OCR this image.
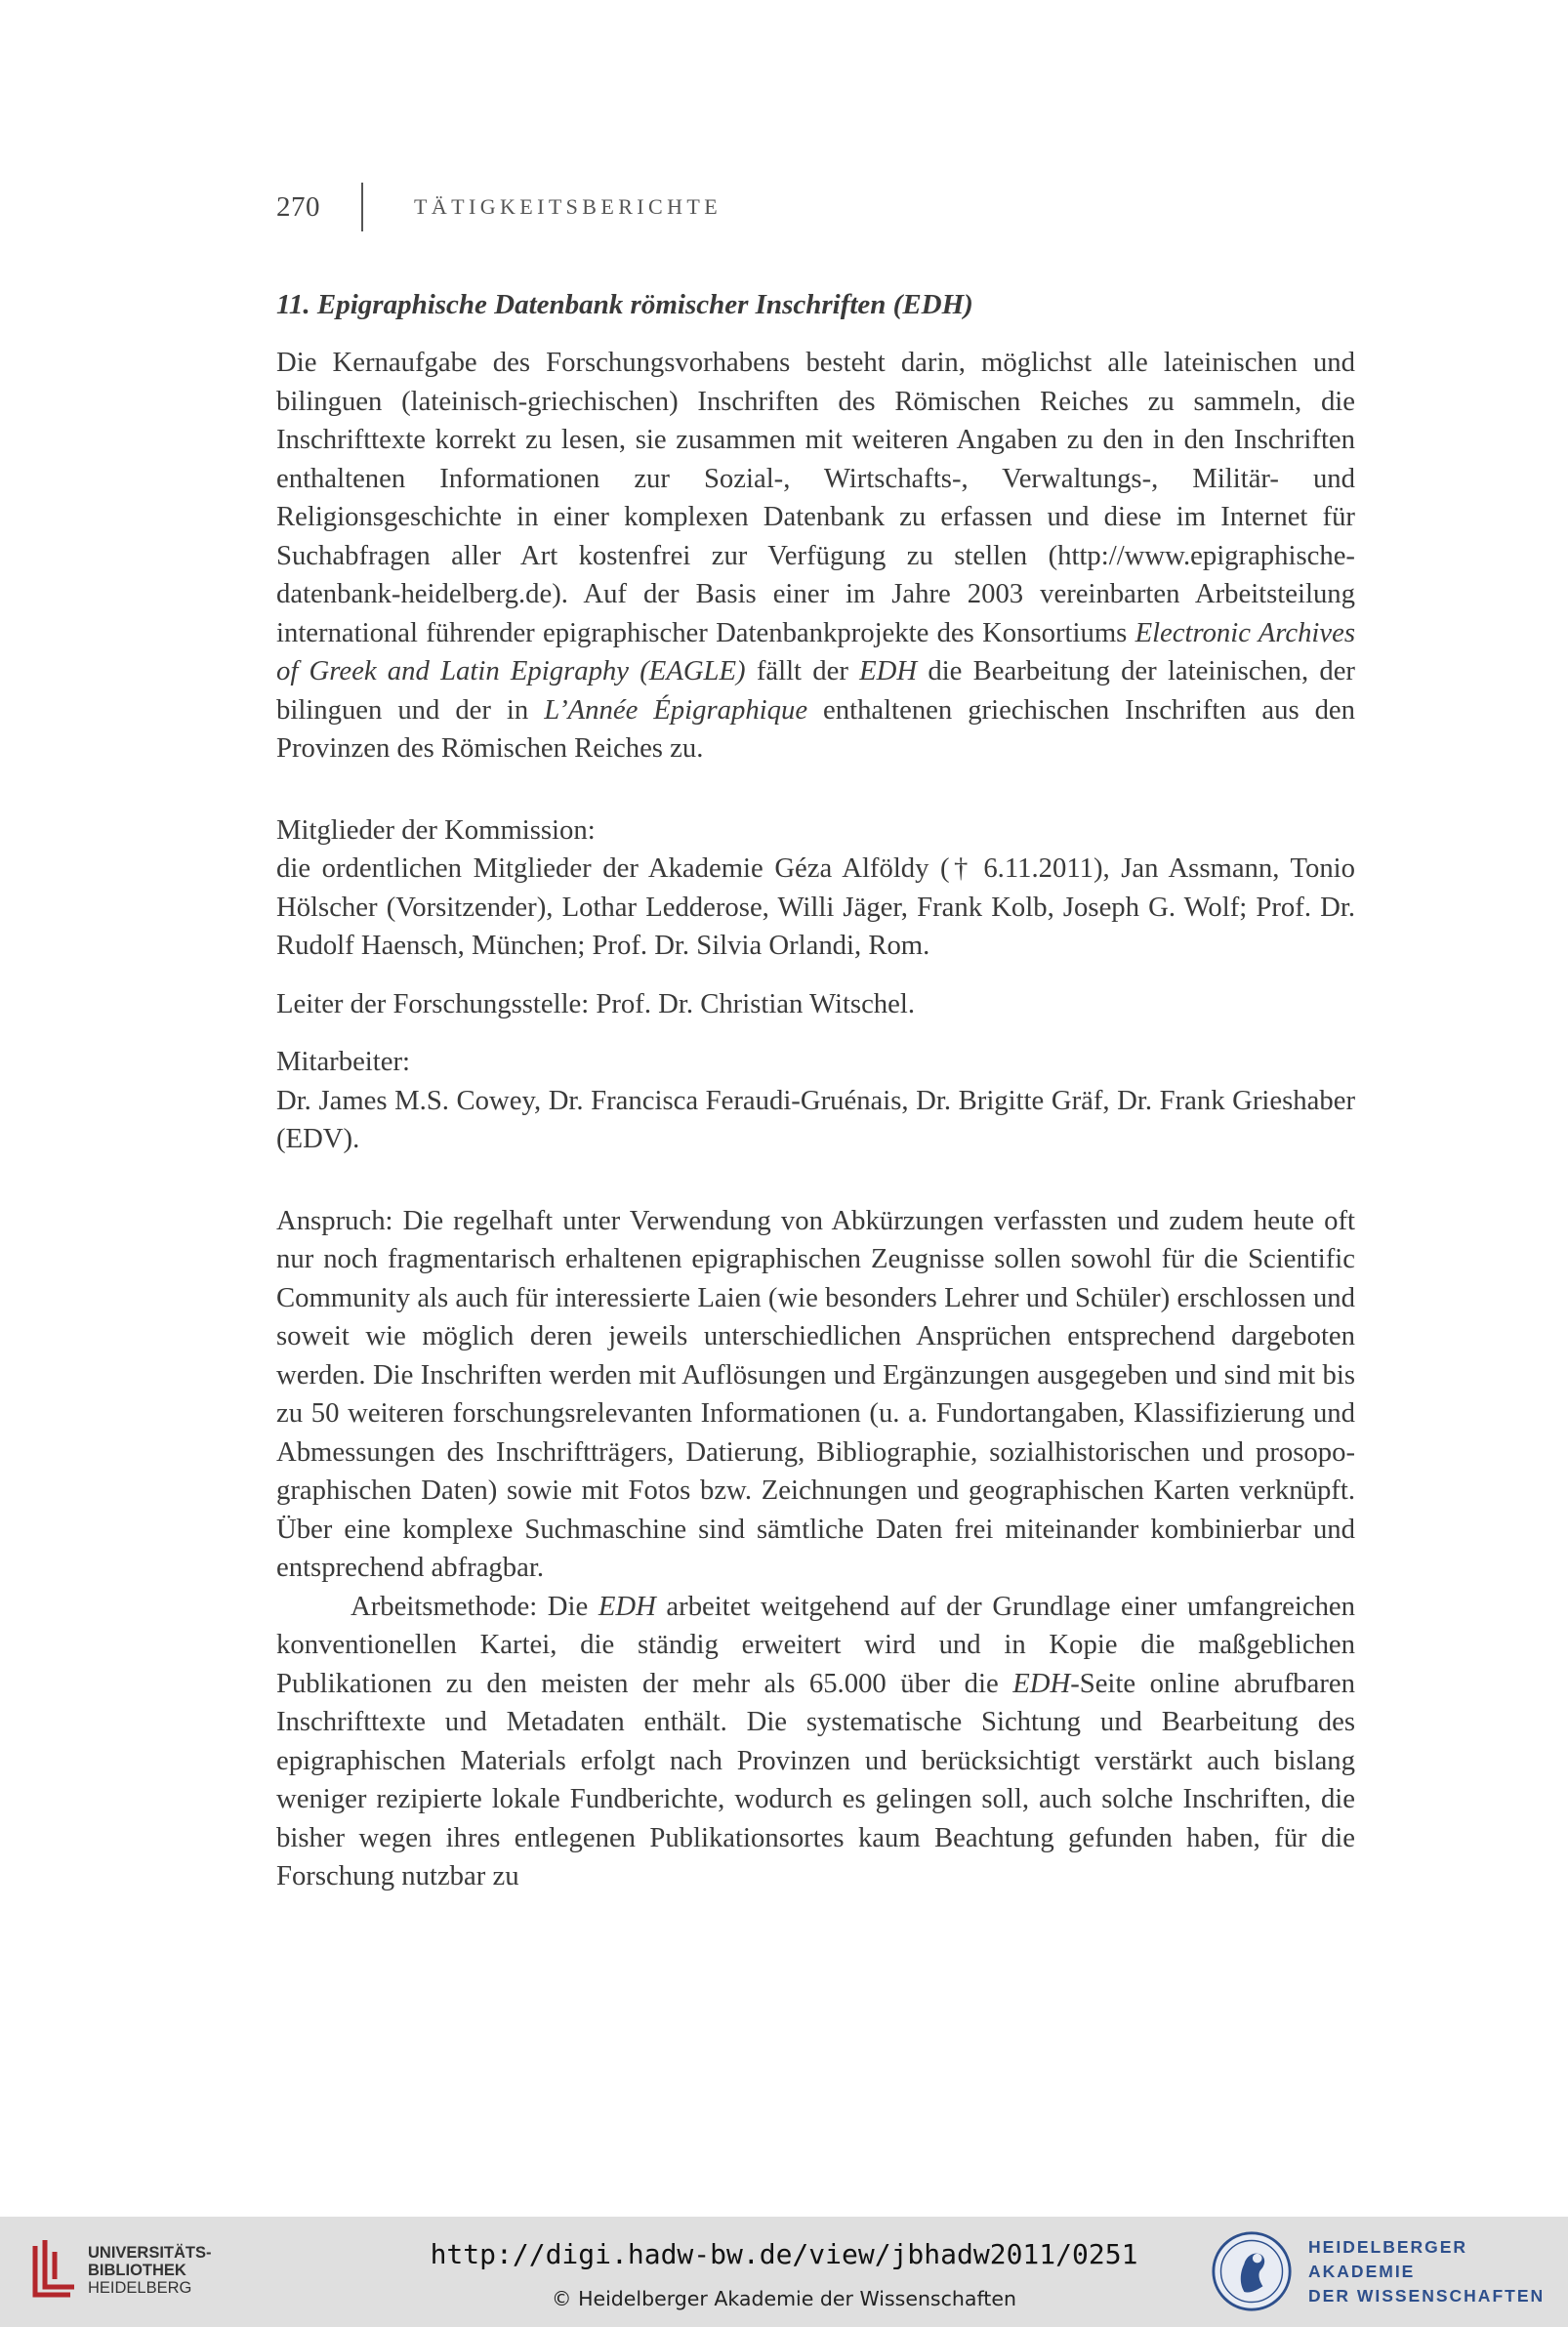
270	TÄTIGKEITSBERICHTE
11. Epigraphische Datenbank römischer Inschriften (EDH)

Die Kernaufgabe des Forschungsvorhabens besteht darin, möglichst alle lateinischen und bilinguen (lateinisch-griechischen) Inschriften des Römischen Reiches zu sammeln, die Inschrifttexte korrekt zu lesen, sie zusammen mit weiteren Angaben zu den in den Inschriften enthaltenen Informationen zur Sozial-, Wirtschafts-, Verwaltungs-, Militär- und Religionsgeschichte in einer komplexen Datenbank zu erfassen und diese im Internet für Suchabfragen aller Art kostenfrei zur Verfügung zu stellen (http://www.epigraphische-datenbank-heidelberg.de). Auf der Basis einer im Jahre 2003 vereinbarten Arbeitsteilung international führender epigraphischer Datenbankprojekte des Konsortiums Electronic Archives of Greek and Latin Epigraphy (EAGLE) fällt der EDH die Bearbeitung der lateinischen, der bilinguen und der in L’Année Épigraphique enthaltenen griechischen Inschriften aus den Provinzen des Römischen Reiches zu.

Mitglieder der Kommission:

die ordentlichen Mitglieder der Akademie Géza Alföldy († 6.11.2011), Jan Assmann, Tonio Hölscher (Vorsitzender), Lothar Ledderose, Willi Jäger, Frank Kolb, Joseph G. Wolf; Prof. Dr. Rudolf Haensch, München; Prof. Dr. Silvia Orlandi, Rom.

Leiter der Forschungsstelle: Prof. Dr. Christian Witschel.

Mitarbeiter:

Dr. James M.S. Cowey, Dr. Francisca Feraudi-Gruénais, Dr. Brigitte Gräf, Dr. Frank Grieshaber (EDV).

Anspruch: Die regelhaft unter Verwendung von Abkürzungen verfassten und zudem heute oft nur noch fragmentarisch erhaltenen epigraphischen Zeugnisse sollen sowohl für die Scientific Community als auch für interessierte Laien (wie besonders Lehrer und Schüler) erschlossen und soweit wie möglich deren jeweils unterschiedlichen Ansprüchen entsprechend dargeboten werden. Die Inschriften werden mit Auflösungen und Ergänzungen ausgegeben und sind mit bis zu 50 weiteren forschungsrelevanten Informationen (u. a. Fundortangaben, Klassifizierung und Abmessungen des Inschriftträgers, Datierung, Bibliographie, sozialhistorischen und prosopographischen Daten) sowie mit Fotos bzw. Zeichnungen und geographischen Karten verknüpft. Über eine komplexe Suchmaschine sind sämtliche Daten frei miteinander kombinierbar und entsprechend abfragbar.

Arbeitsmethode: Die EDH arbeitet weitgehend auf der Grundlage einer umfangreichen konventionellen Kartei, die ständig erweitert wird und in Kopie die maßgeblichen Publikationen zu den meisten der mehr als 65.000 über die EDH-Seite online abrufbaren Inschrifttexte und Metadaten enthält. Die systematische Sichtung und Bearbeitung des epigraphischen Materials erfolgt nach Provinzen und berücksichtigt verstärkt auch bislang weniger rezipierte lokale Fundberichte, wodurch es gelingen soll, auch solche Inschriften, die bisher wegen ihres entlegenen Publikationsortes kaum Beachtung gefunden haben, für die Forschung nutzbar zu

UNIVERSITÄTS-
BIBLIOTHEK
HEIDELBERG
http://digi.hadw-bw.de/view/jbhadw2011/0251
© Heidelberger Akademie der Wissenschaften
HEIDELBERGER AKADEMIE
DER WISSENSCHAFTEN
